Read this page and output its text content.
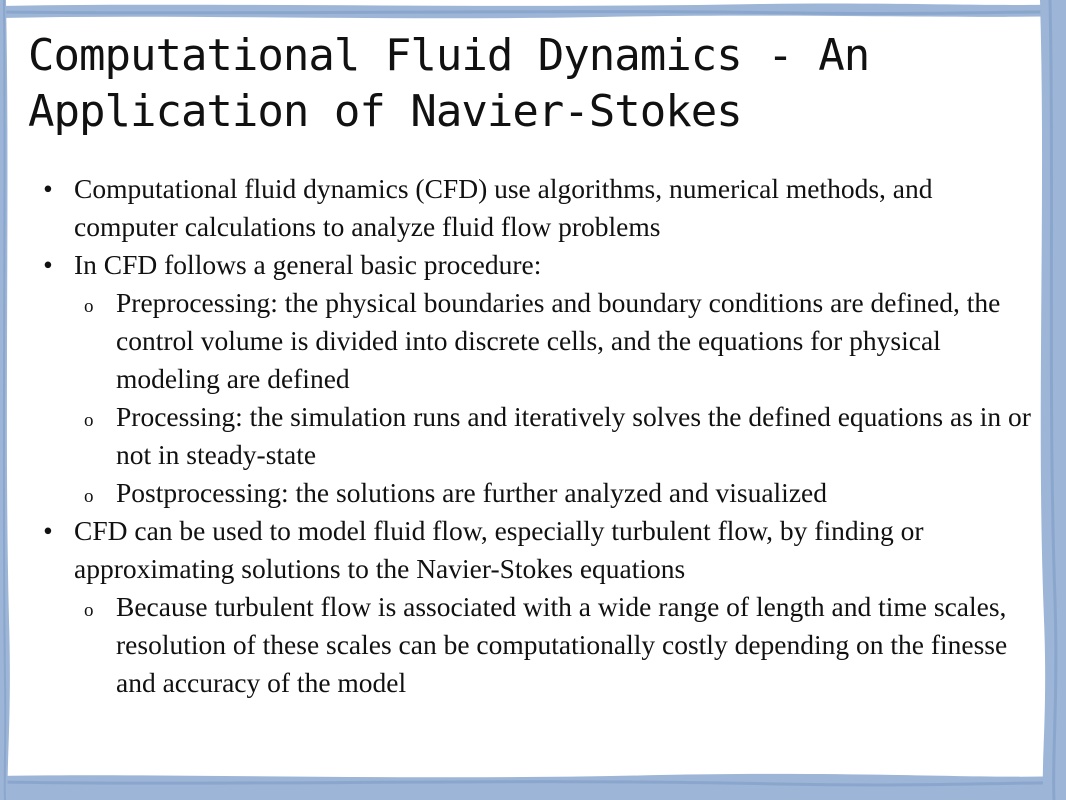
Computational Fluid Dynamics - An Application of Navier-Stokes
• Computational fluid dynamics (CFD) use algorithms, numerical methods, and computer calculations to analyze fluid flow problems
• In CFD follows a general basic procedure:
o Preprocessing: the physical boundaries and boundary conditions are defined, the control volume is divided into discrete cells, and the equations for physical modeling are defined
o Processing: the simulation runs and iteratively solves the defined equations as in or not in steady-state
o Postprocessing: the solutions are further analyzed and visualized
• CFD can be used to model fluid flow, especially turbulent flow, by finding or approximating solutions to the Navier-Stokes equations
o Because turbulent flow is associated with a wide range of length and time scales, resolution of these scales can be computationally costly depending on the finesse and accuracy of the model
